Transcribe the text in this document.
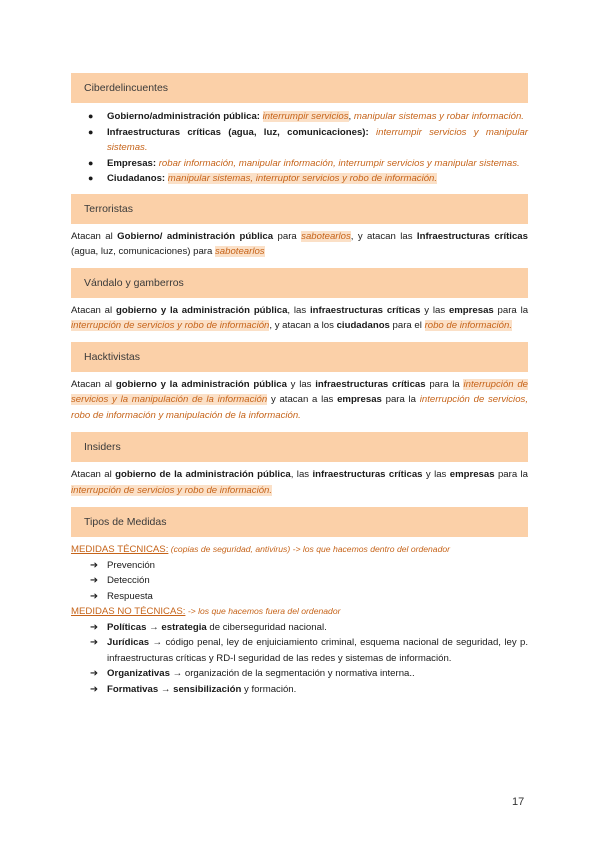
Ciberdelincuentes
● Gobierno/administración pública: interrumpir servicios, manipular sistemas y robar información.
● Infraestructuras críticas (agua, luz, comunicaciones): interrumpir servicios y manipular sistemas.
● Empresas: robar información, manipular información, interrumpir servicios y manipular sistemas.
● Ciudadanos: manipular sistemas, interruptor servicios y robo de información.
Terroristas

Atacan al Gobierno/ administración pública para sabotearlos, y atacan las Infraestructuras críticas (agua, luz, comunicaciones) para sabotearlos

Vándalo y gamberros

Atacan al gobierno y la administración pública, las infraestructuras críticas y las empresas para la interrupción de servicios y robo de información, y atacan a los ciudadanos para el robo de información.

Hacktivistas

Atacan al gobierno y la administración pública y las infraestructuras críticas para la interrupción de servicios y la manipulación de la información y atacan a las empresas para la interrupción de servicios, robo de información y manipulación de la información.

Insiders

Atacan al gobierno de la administración pública, las infraestructuras críticas y las empresas para la interrupción de servicios y robo de información.

Tipos de Medidas

MEDIDAS TÉCNICAS: (copias de seguridad, antivirus) -> los que hacemos dentro del ordenador

➔ Prevención
➔ Detección
➔ Respuesta

MEDIDAS NO TÉCNICAS: -> los que hacemos fuera del ordenador

➔ Políticas → estrategia de ciberseguridad nacional.
➔ Jurídicas → código penal, ley de enjuiciamiento criminal, esquema nacional de seguridad, ley p. infraestructuras críticas y RD-l seguridad de las redes y sistemas de información.
➔ Organizativas → organización de la segmentación y normativa interna..
➔ Formativas → sensibilización y formación.
17
